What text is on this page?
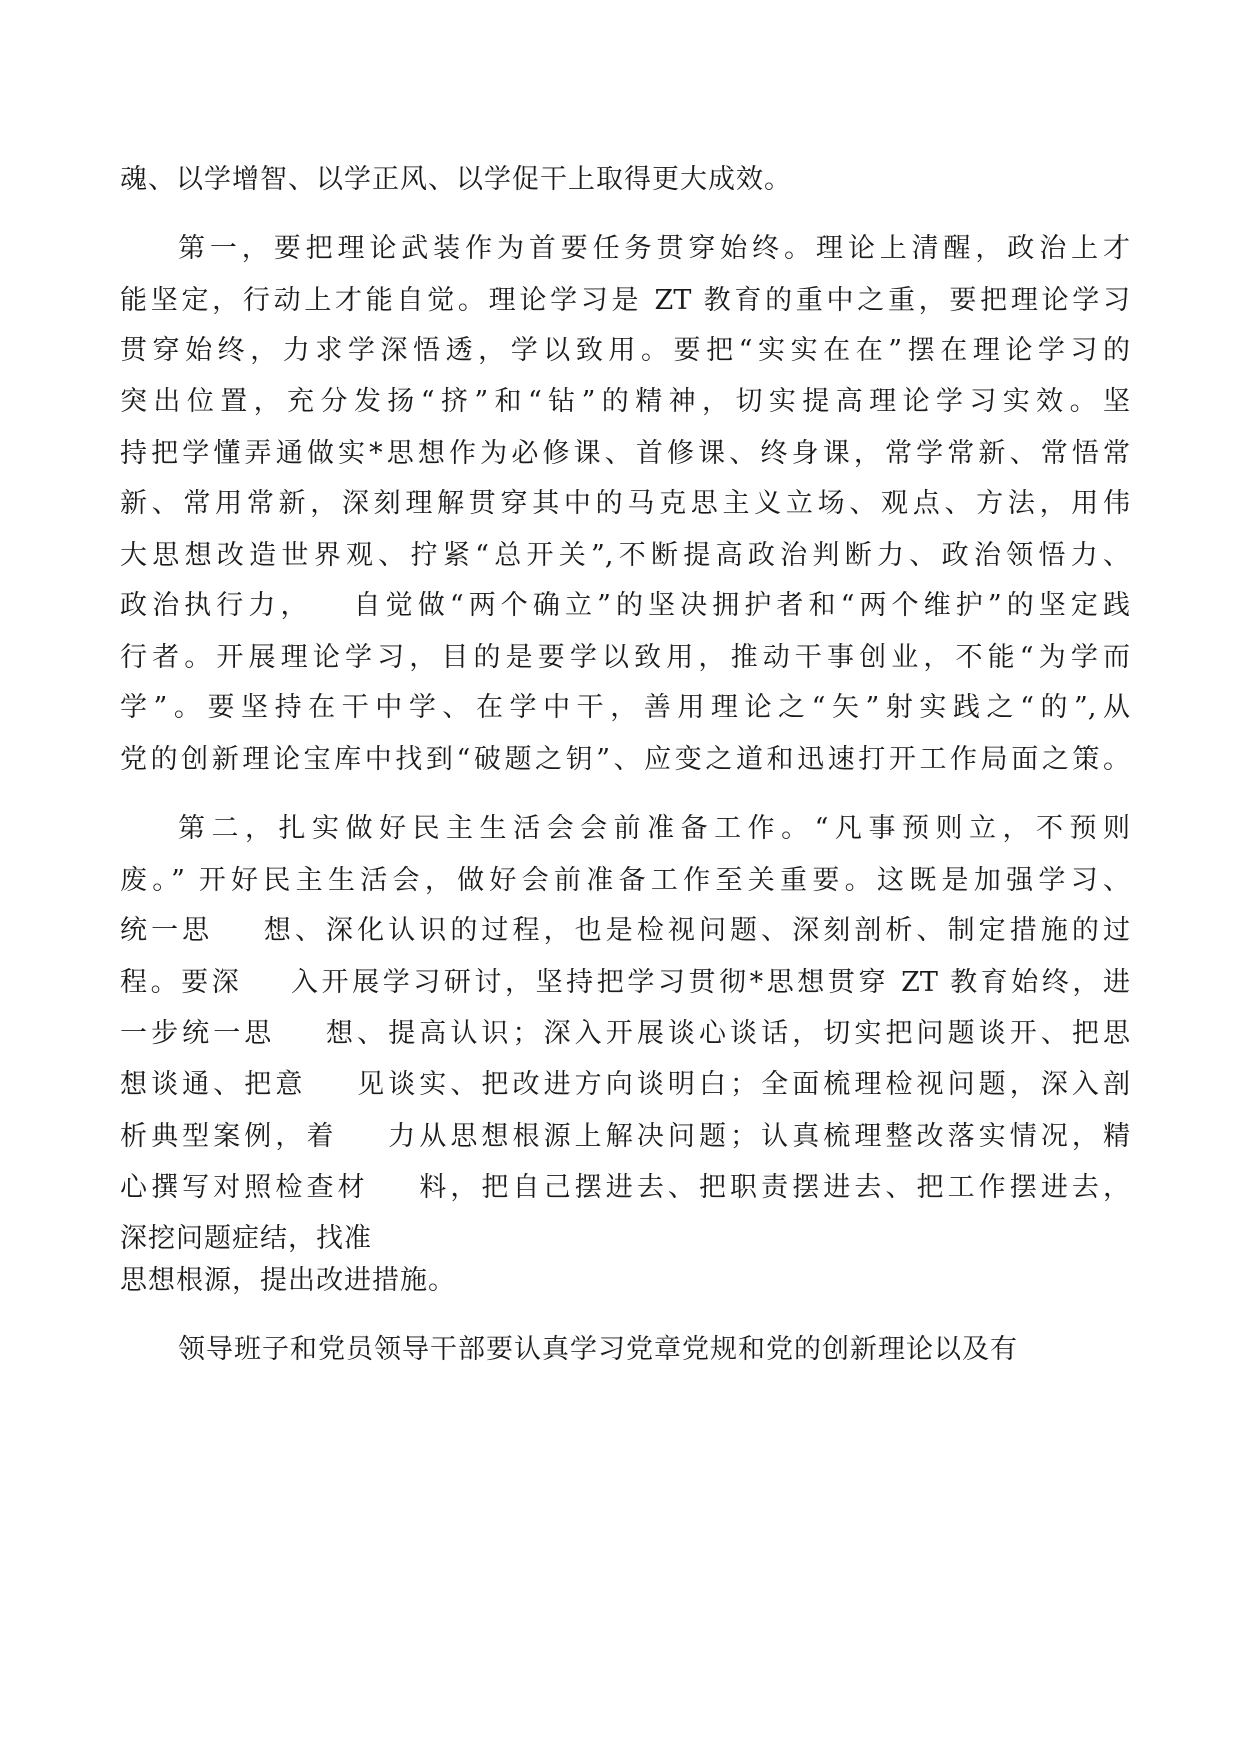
魂、以学增智、以学正风、以学促干上取得更大成效。
第一，要把理论武装作为首要任务贯穿始终。理论上清醒，政治上才
能坚定，行动上才能自觉。理论学习是 ZT 教育的重中之重，要把理论学习
贯穿始终，力求学深悟透，学以致用。要把“实实在在”摆在理论学习的
突出位置，充分发扬“挤”和“钻”的精神，切实提高理论学习实效。坚
持把学懂弄通做实*思想作为必修课、首修课、终身课，常学常新、常悟常
新、常用常新，深刻理解贯穿其中的马克思主义立场、观点、方法，用伟
大思想改造世界观、拧紧“总开关”,不断提高政治判断力、政治领悟力、
政治执行力，   自觉做“两个确立”的坚决拥护者和“两个维护”的坚定践
行者。开展理论学习，目的是要学以致用，推动干事创业，不能“为学而
学”。要坚持在干中学、在学中干，善用理论之“矢”射实践之“的”,从
党的创新理论宝库中找到“破题之钥”、应变之道和迅速打开工作局面之策。
第二，扎实做好民主生活会会前准备工作。“凡事预则立，不预则
废。” 开好民主生活会，做好会前准备工作至关重要。这既是加强学习、
统一思    想、深化认识的过程，也是检视问题、深刻剖析、制定措施的过
程。要深    入开展学习研讨，坚持把学习贯彻*思想贯穿 ZT 教育始终，进
一步统一思    想、提高认识；深入开展谈心谈话，切实把问题谈开、把思
想谈通、把意    见谈实、把改进方向谈明白；全面梳理检视问题，深入剖
析典型案例，着    力从思想根源上解决问题；认真梳理整改落实情况，精
心撰写对照检查材    料，把自己摆进去、把职责摆进去、把工作摆进去，
深挖问题症结，找准
思想根源，提出改进措施。
领导班子和党员领导干部要认真学习党章党规和党的创新理论以及有
